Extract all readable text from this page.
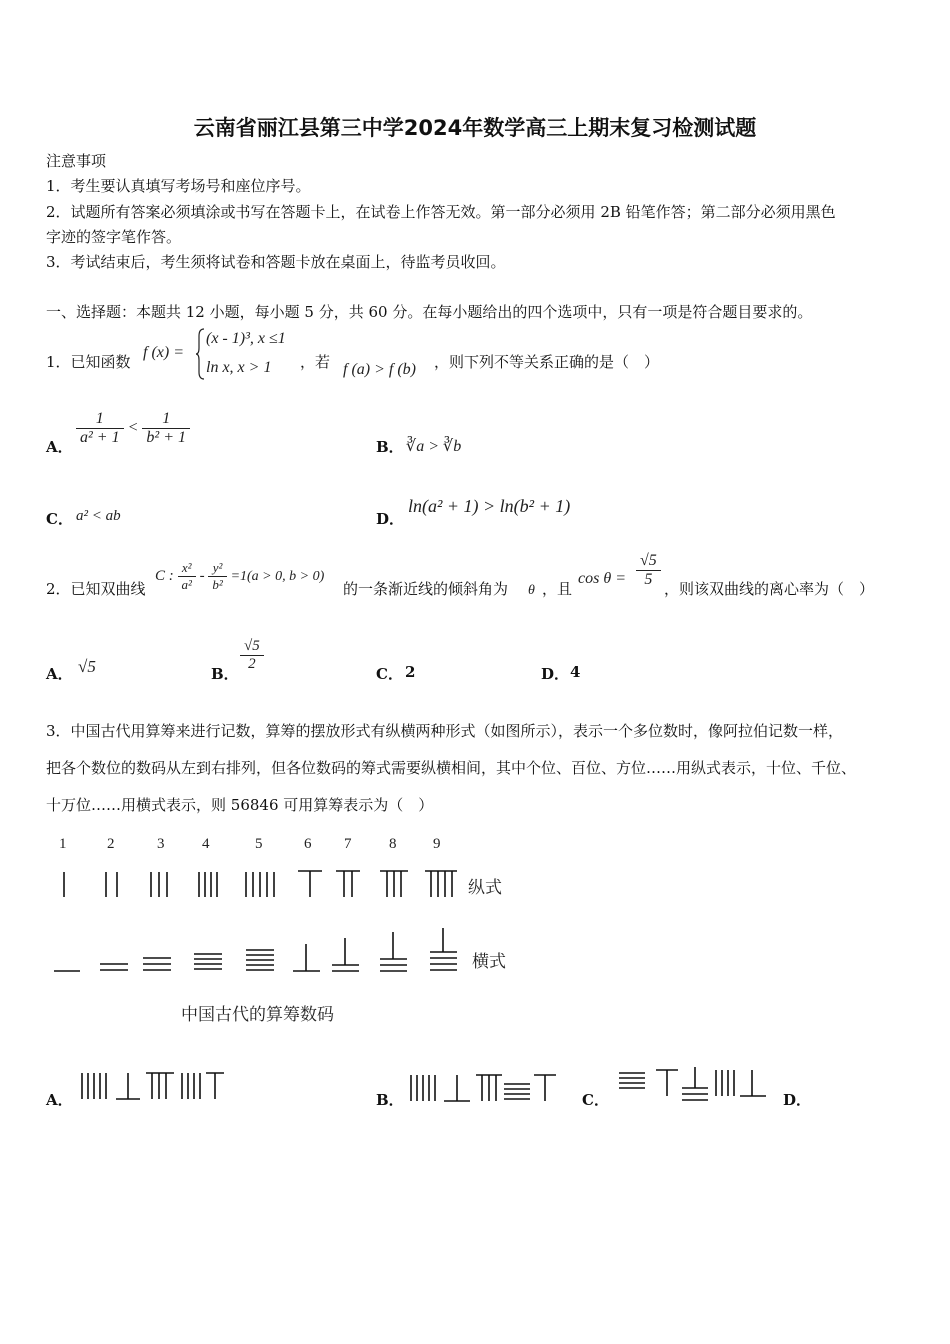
云南省丽江县第三中学2024年数学高三上期末复习检测试题
注意事项
1．考生要认真填写考场号和座位序号。
2．试题所有答案必须填涂或书写在答题卡上，在试卷上作答无效。第一部分必须用 2B 铅笔作答；第二部分必须用黑色
字迹的签字笔作答。
3．考试结束后，考生须将试卷和答题卡放在桌面上，待监考员收回。
一、选择题：本题共 12 小题，每小题 5 分，共 60 分。在每小题给出的四个选项中，只有一项是符合题目要求的。
1．已知函数
f (x) =
(x - 1)³, x ≤1
ln x, x > 1 ，若 f (a) > f (b) ，则下列不等关系正确的是（　）
A． $\frac{1}{\text{a² + 1}} < \frac{1}{\text{b² + 1}}$	B． ∛a > ∛b
C． a² < ab	D．
ln(a² + 1) > ln(b² + 1)
2．已知双曲线
C : $\frac{\text{x²}}{\text{a²}} - \frac{\text{y²}}{\text{b²}} =1(a > 0$, b > 0)
的一条渐近线的倾斜角为 θ ，且
$\cos \theta = \frac{√5}{5}$ ，则该双曲线的离心率为（　）
A． √5	B．
$\frac{√5}{2}$
C． 2	D． 4
3．中国古代用算筹来进行记数，算筹的摆放形式有纵横两种形式（如图所示），表示一个多位数时，像阿拉伯记数一样，
把各个数位的数码从左到右排列，但各位数码的筹式需要纵横相间，其中个位、百位、方位……用纵式表示，十位、千位、
十万位……用横式表示，则 56846 可用算筹表示为（　）
1	2	3	4	5	6 7	8 9
纵式
横式
中国古代的算筹数码
A．	B．	C．	D．
